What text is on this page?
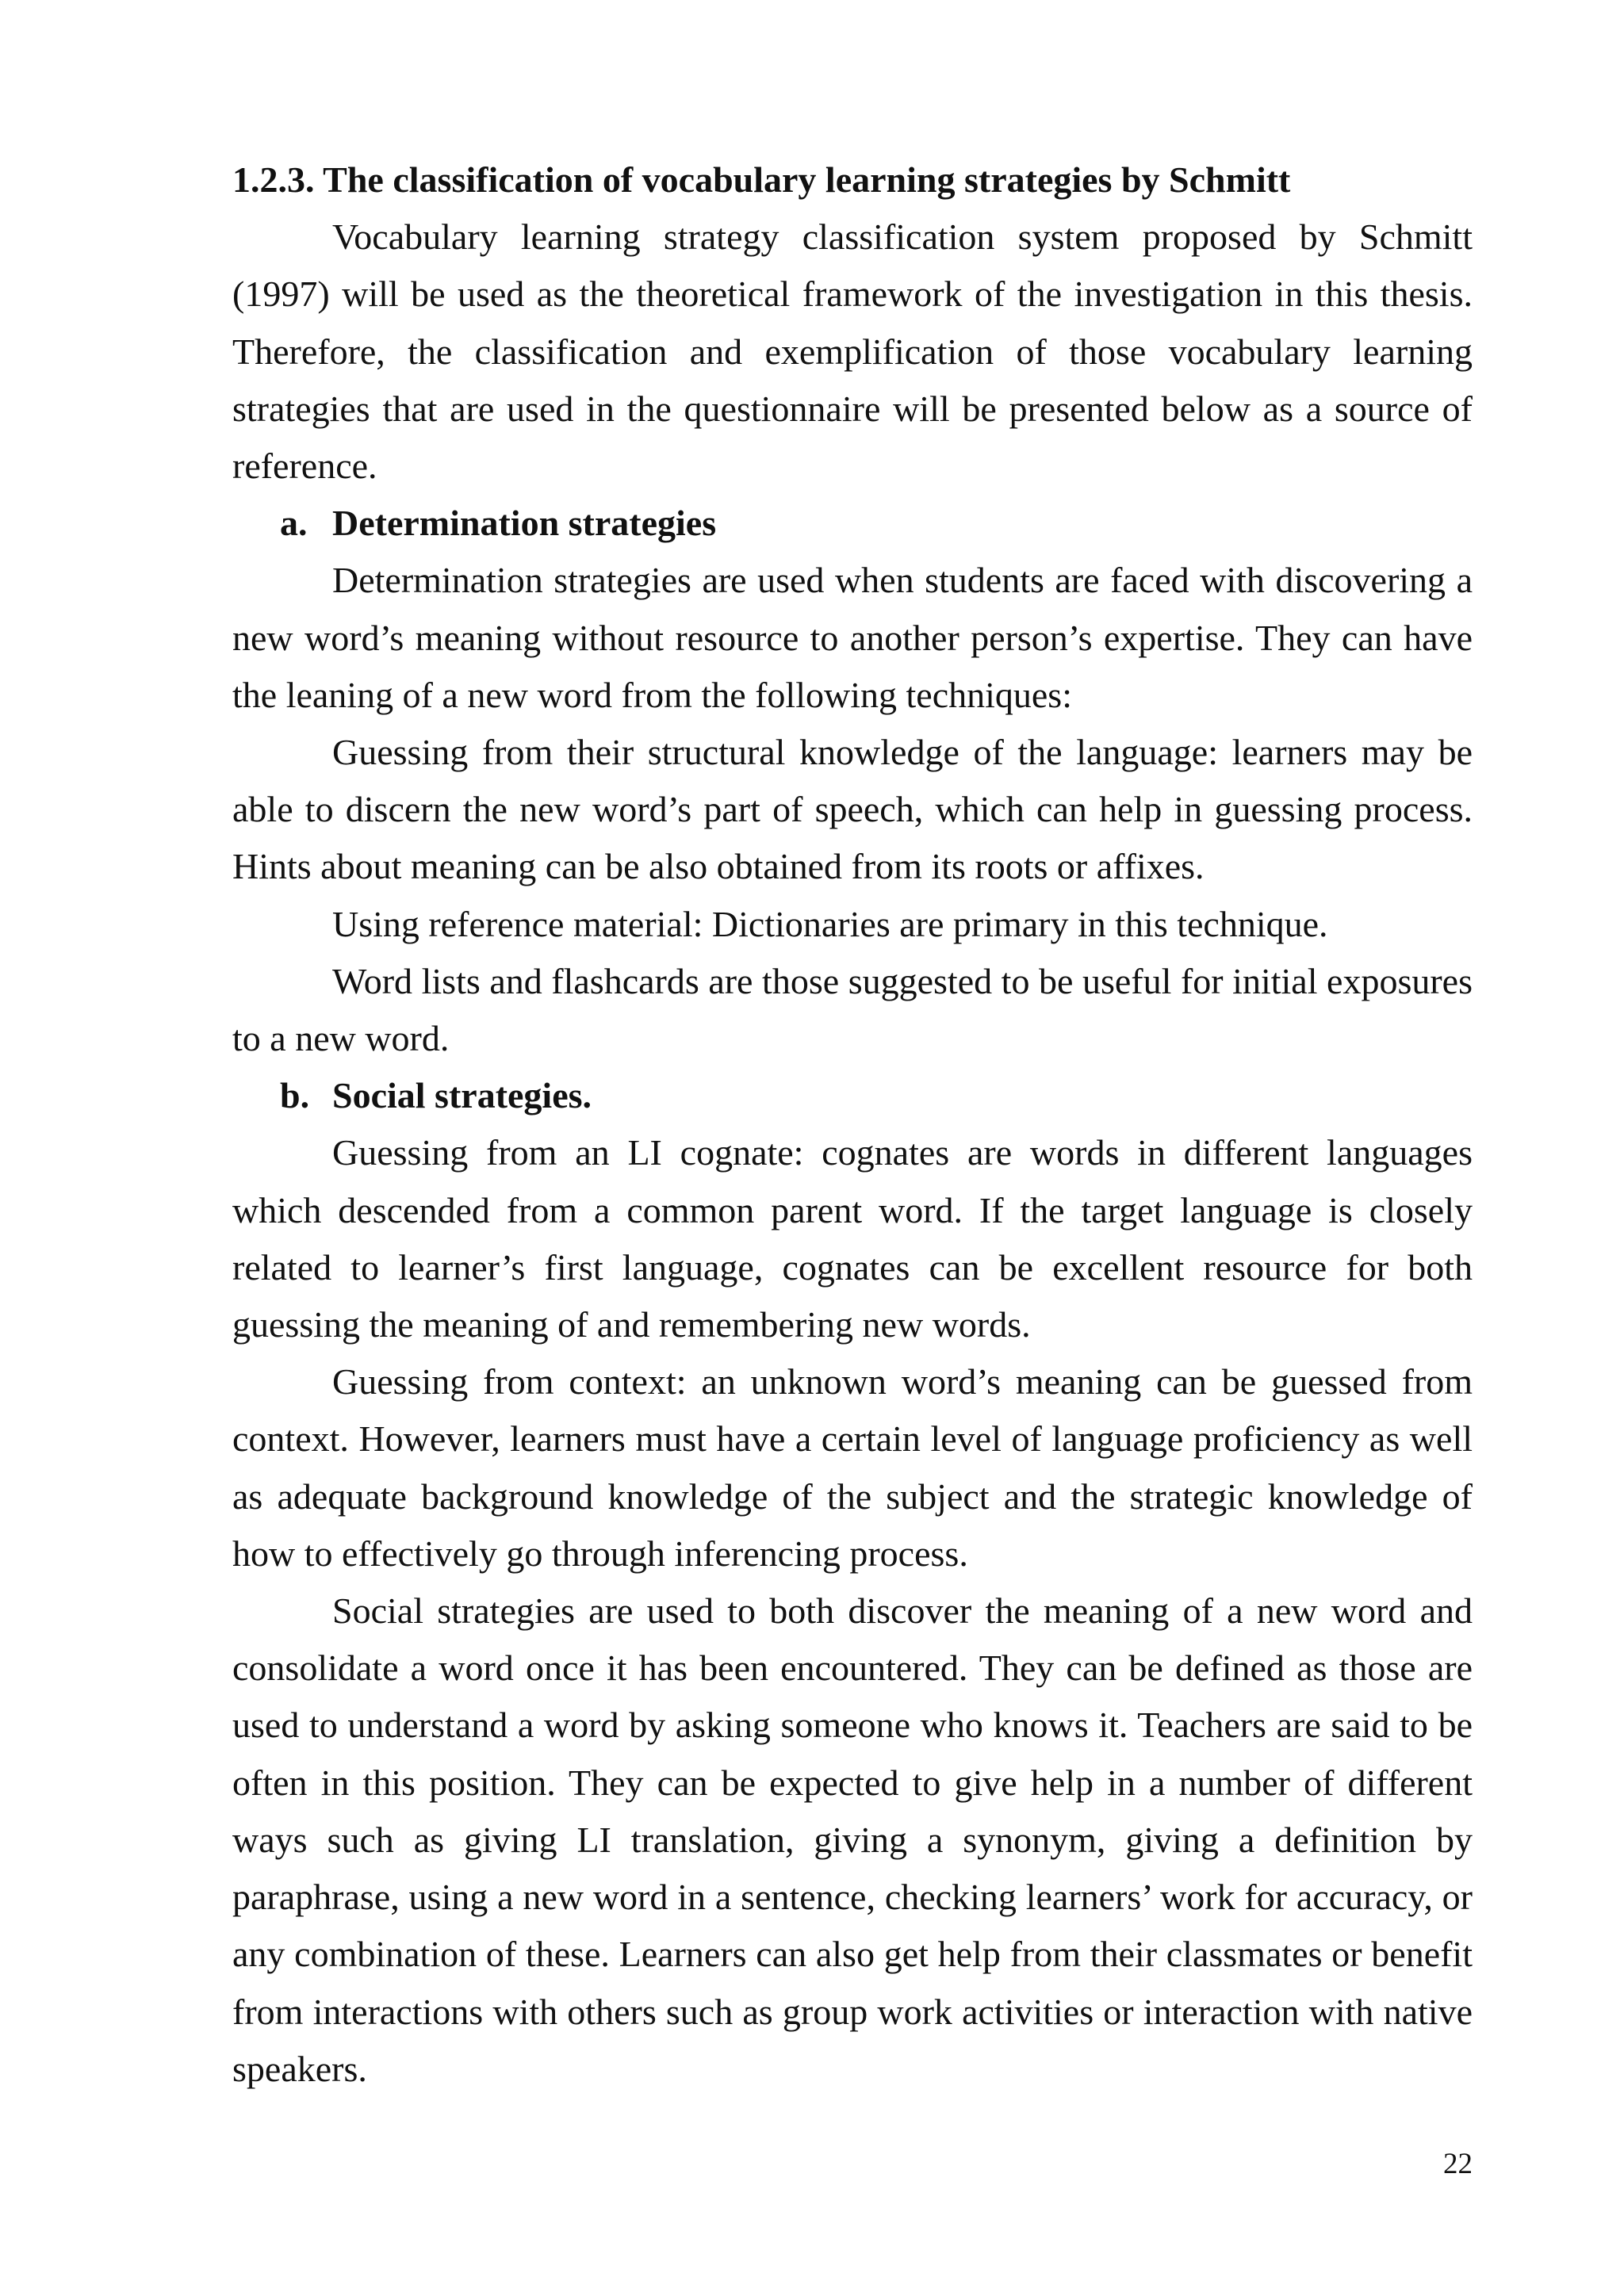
1.2.3. The classification of vocabulary learning strategies by Schmitt

Vocabulary learning strategy classification system proposed by Schmitt (1997) will be used as the theoretical framework of the investigation in this thesis. Therefore, the classification and exemplification of those vocabulary learning strategies that are used in the questionnaire will be presented below as a source of reference.

a. Determination strategies

Determination strategies are used when students are faced with discovering a new word’s meaning without resource to another person’s expertise. They can have the leaning of a new word from the following techniques:

Guessing from their structural knowledge of the language: learners may be able to discern the new word’s part of speech, which can help in guessing process. Hints about meaning can be also obtained from its roots or affixes.

Using reference material: Dictionaries are primary in this technique.

Word lists and flashcards are those suggested to be useful for initial exposures to a new word.

b. Social strategies.

Guessing from an LI cognate: cognates are words in different languages which descended from a common parent word. If the target language is closely related to learner’s first language, cognates can be excellent resource for both guessing the meaning of and remembering new words.

Guessing from context: an unknown word’s meaning can be guessed from context. However, learners must have a certain level of language proficiency as well as adequate background knowledge of the subject and the strategic knowledge of how to effectively go through inferencing process.

Social strategies are used to both discover the meaning of a new word and consolidate a word once it has been encountered. They can be defined as those are used to understand a word by asking someone who knows it. Teachers are said to be often in this position. They can be expected to give help in a number of different ways such as giving LI translation, giving a synonym, giving a definition by paraphrase, using a new word in a sentence, checking learners’ work for accuracy, or any combination of these. Learners can also get help from their classmates or benefit from interactions with others such as group work activities or interaction with native speakers.

22
